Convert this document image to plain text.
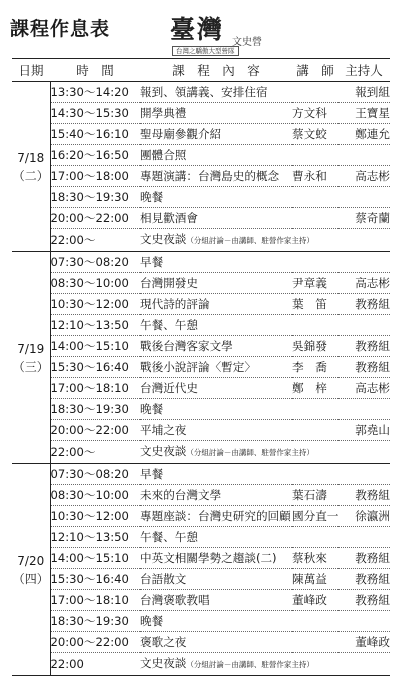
課程作息表 臺灣 文史營
台灣之驕傲大型營隊
日期	時　間	課　程　內　容	講　師	主持人

7/18
（二）	13:30～14:20	報到、領講義、安排住宿		報到組
	14:30～15:30	開學典禮	方文科	王寶星
	15:40～16:10	聖母廟參觀介紹	蔡文蛟	鄭連允
	16:20～16:50	團體合照		
	17:00～18:00	專題演講：台灣島史的概念	曹永和	高志彬
	18:30～19:30	晚餐		
	20:00～22:00	相見歡酒會		蔡奇蘭
	22:00～	文史夜談（分組討論－由講師、駐營作家主持）		

7/19
（三）	07:30～08:20	早餐		
	08:30～10:00	台灣開發史	尹章義	高志彬
	10:30～12:00	現代詩的評論	葉　笛	教務組
	12:10～13:50	午餐、午憩		
	14:00～15:10	戰後台灣客家文學	吳錦發	教務組
	15:30～16:40	戰後小說評論〈暫定〉	李　喬	教務組
	17:00～18:10	台灣近代史	鄭　梓	高志彬
	18:30～19:30	晚餐		
	20:00～22:00	平埔之夜		郭堯山
	22:00～	文史夜談（分組討論－由講師、駐營作家主持）		

7/20
（四）	07:30～08:20	早餐		
	08:30～10:00	未來的台灣文學	葉石濤	教務組
	10:30～12:00	專題座談：台灣史研究的回顧	國分直一	徐瀛洲
	12:10～13:50	午餐、午憩		
	14:00～15:10	中英文相關學勢之趨談(二)	蔡秋來	教務組
	15:30～16:40	台語散文	陳萬益	教務組
	17:00～18:10	台灣褒歌教唱	董峰政	教務組
	18:30～19:30	晚餐		
	20:00～22:00	褒歌之夜		董峰政
	22:00	文史夜談（分組討論－由講師、駐營作家主持）		
